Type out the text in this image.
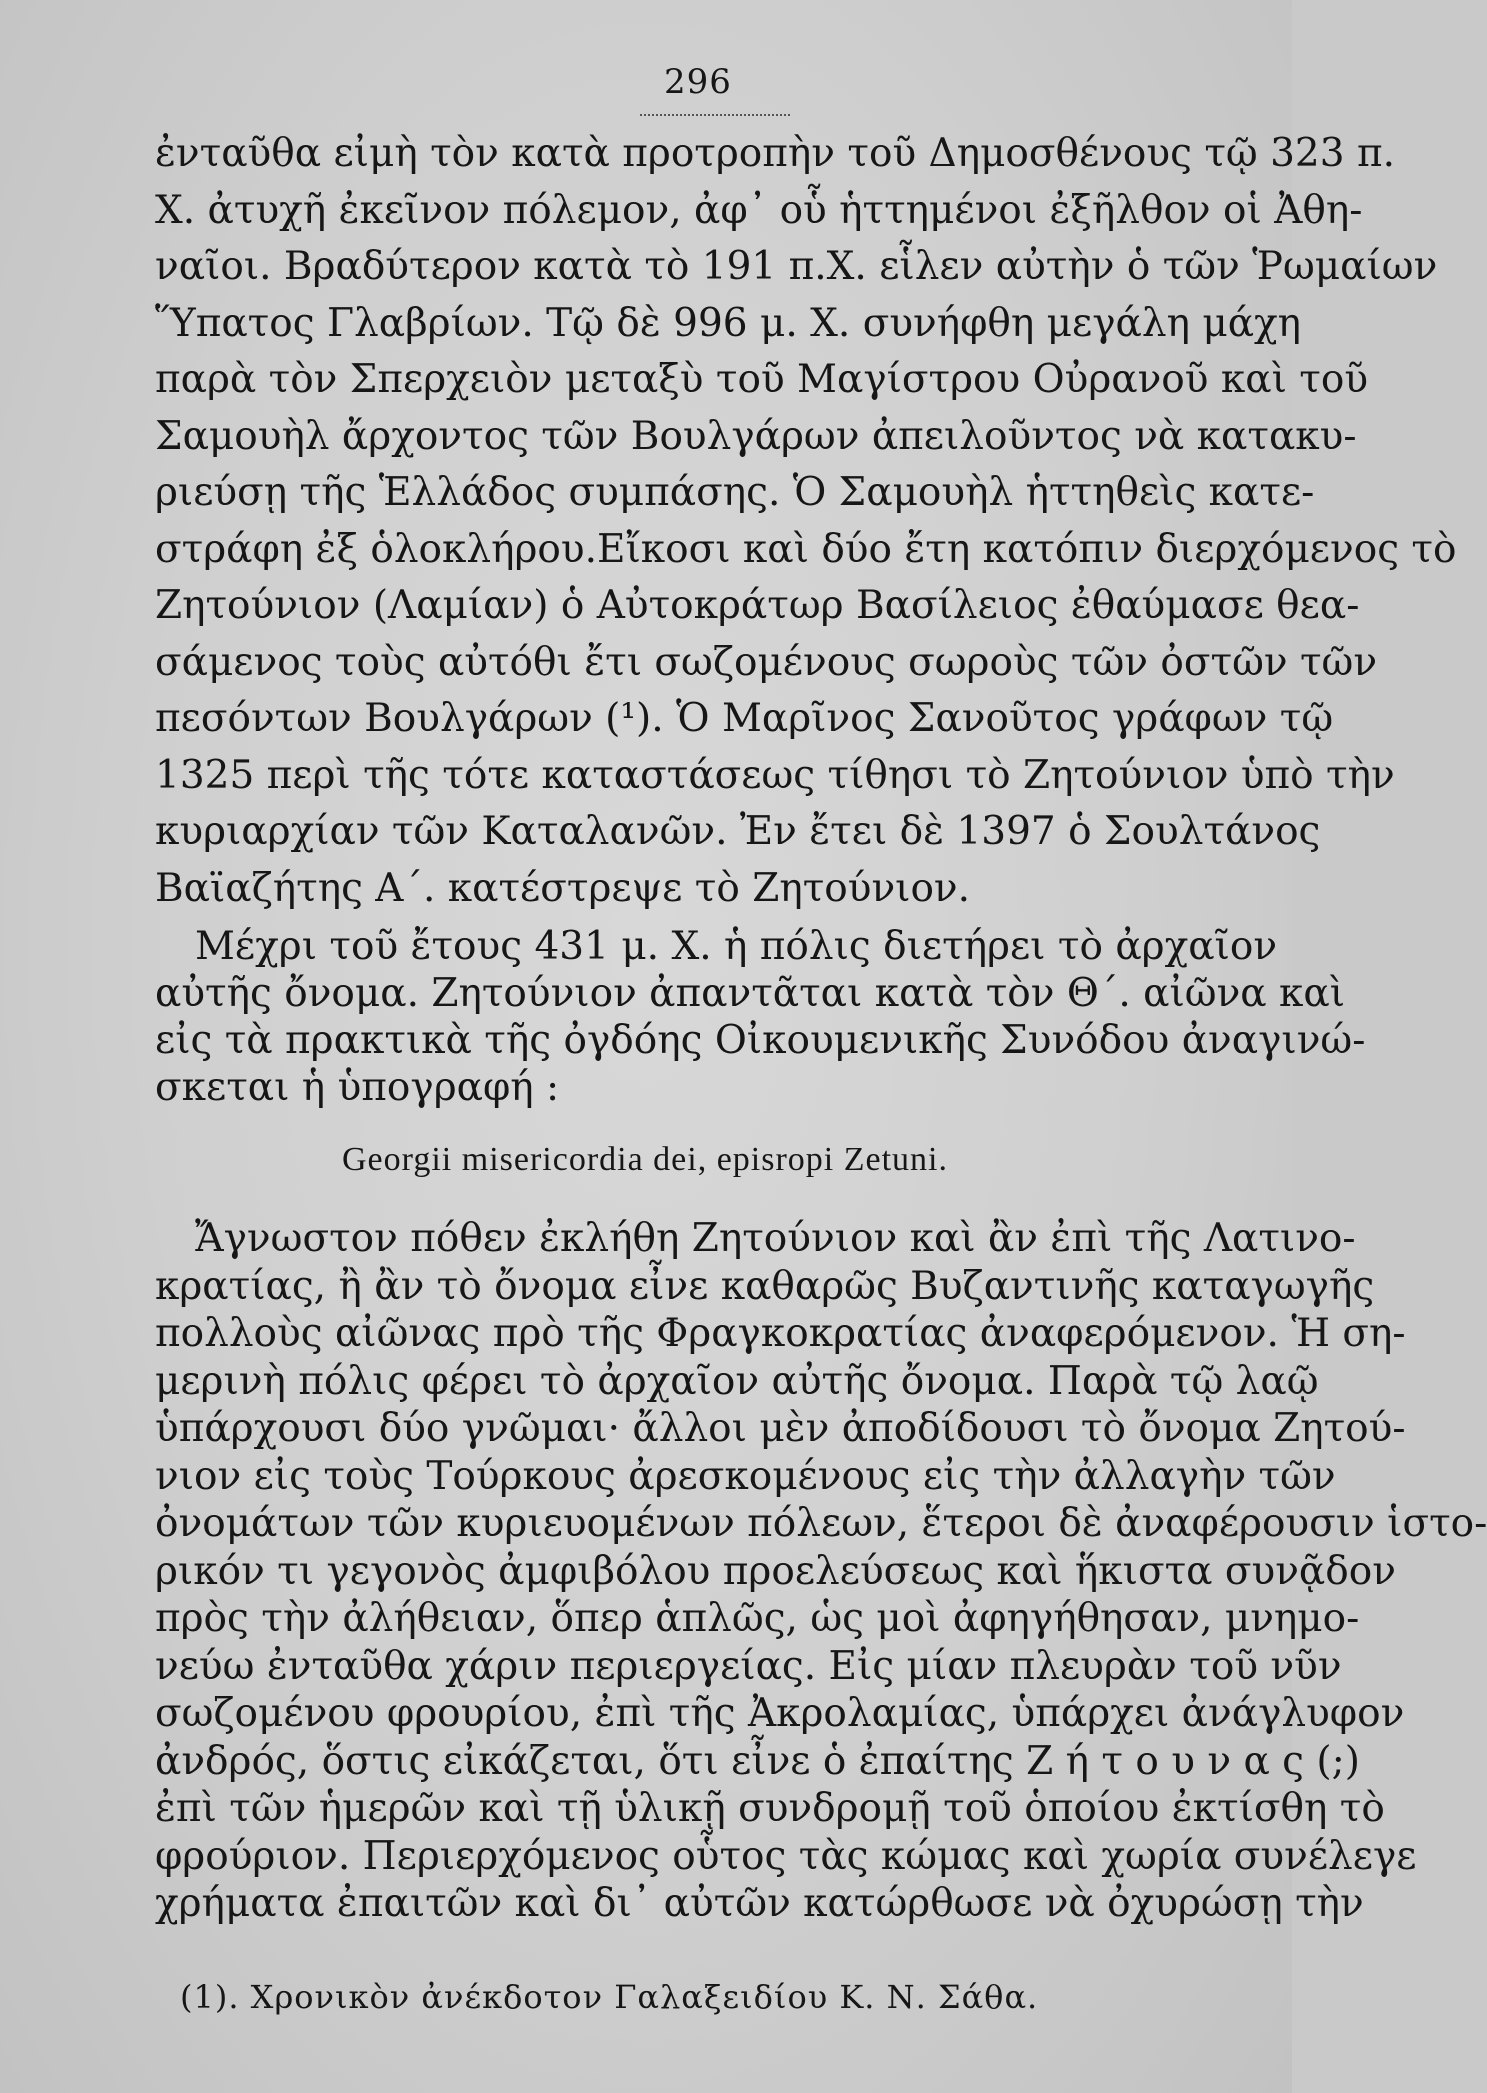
296
ἐνταῦθα εἰμὴ τὸν κατὰ προτροπὴν τοῦ Δημοσθένους τῷ 323 π.
Χ. ἀτυχῆ ἐκεῖνον πόλεμον, ἀφ᾽ οὗ ἡττημένοι ἐξῆλθον οἱ Ἀθη-
ναῖοι. Βραδύτερον κατὰ τὸ 191 π.Χ. εἷλεν αὐτὴν ὁ τῶν Ῥωμαίων
Ὕπατος Γλαβρίων. Τῷ δὲ 996 μ. Χ. συνήφθη μεγάλη μάχη
παρὰ τὸν Σπερχειὸν μεταξὺ τοῦ Μαγίστρου Οὐρανοῦ καὶ τοῦ
Σαμουὴλ ἄρχοντος τῶν Βουλγάρων ἀπειλοῦντος νὰ κατακυ-
ριεύσῃ τῆς Ἑλλάδος συμπάσης. Ὁ Σαμουὴλ ἡττηθεὶς κατε-
στράφη ἐξ ὁλοκλήρου.Εἴκοσι καὶ δύο ἔτη κατόπιν διερχόμενος τὸ
Ζητούνιον (Λαμίαν) ὁ Αὐτοκράτωρ Βασίλειος ἐθαύμασε θεα-
σάμενος τοὺς αὐτόθι ἔτι σωζομένους σωροὺς τῶν ὀστῶν τῶν
πεσόντων Βουλγάρων (¹). Ὁ Μαρῖνος Σανοῦτος γράφων τῷ
1325 περὶ τῆς τότε καταστάσεως τίθησι τὸ Ζητούνιον ὑπὸ τὴν
κυριαρχίαν τῶν Καταλανῶν. Ἐν ἔτει δὲ 1397 ὁ Σουλτάνος
Βαϊαζήτης Α΄. κατέστρεψε τὸ Ζητούνιον.
Μέχρι τοῦ ἔτους 431 μ. Χ. ἡ πόλις διετήρει τὸ ἀρχαῖον
αὐτῆς ὄνομα. Ζητούνιον ἀπαντᾶται κατὰ τὸν Θ΄. αἰῶνα καὶ
εἰς τὰ πρακτικὰ τῆς ὀγδόης Οἰκουμενικῆς Συνόδου ἀναγινώ-
σκεται ἡ ὑπογραφή :
Georgii misericordia dei, episropi Zetuni.
Ἄγνωστον πόθεν ἐκλήθη Ζητούνιον καὶ ἂν ἐπὶ τῆς Λατινο-
κρατίας, ἢ ἂν τὸ ὄνομα εἶνε καθαρῶς Βυζαντινῆς καταγωγῆς
πολλοὺς αἰῶνας πρὸ τῆς Φραγκοκρατίας ἀναφερόμενον. Ἡ ση-
μερινὴ πόλις φέρει τὸ ἀρχαῖον αὐτῆς ὄνομα. Παρὰ τῷ λαῷ
ὑπάρχουσι δύο γνῶμαι· ἄλλοι μὲν ἀποδίδουσι τὸ ὄνομα Ζητού-
νιον εἰς τοὺς Τούρκους ἀρεσκομένους εἰς τὴν ἀλλαγὴν τῶν
ὀνομάτων τῶν κυριευομένων πόλεων, ἕτεροι δὲ ἀναφέρουσιν ἱστο-
ρικόν τι γεγονὸς ἀμφιβόλου προελεύσεως καὶ ἥκιστα συνᾷδον
πρὸς τὴν ἀλήθειαν, ὅπερ ἁπλῶς, ὡς μοὶ ἀφηγήθησαν, μνημο-
νεύω ἐνταῦθα χάριν περιεργείας. Εἰς μίαν πλευρὰν τοῦ νῦν
σωζομένου φρουρίου, ἐπὶ τῆς Ἀκρολαμίας, ὑπάρχει ἀνάγλυφον
ἀνδρός, ὅστις εἰκάζεται, ὅτι εἶνε ὁ ἐπαίτης Ζ ή τ ο υ ν α ς (;)
ἐπὶ τῶν ἡμερῶν καὶ τῇ ὑλικῇ συνδρομῇ τοῦ ὁποίου ἐκτίσθη τὸ
φρούριον. Περιερχόμενος οὗτος τὰς κώμας καὶ χωρία συνέλεγε
χρήματα ἐπαιτῶν καὶ δι᾽ αὐτῶν κατώρθωσε νὰ ὀχυρώσῃ τὴν
(1). Χρονικὸν ἀνέκδοτον Γαλαξειδίου Κ. Ν. Σάθα.
